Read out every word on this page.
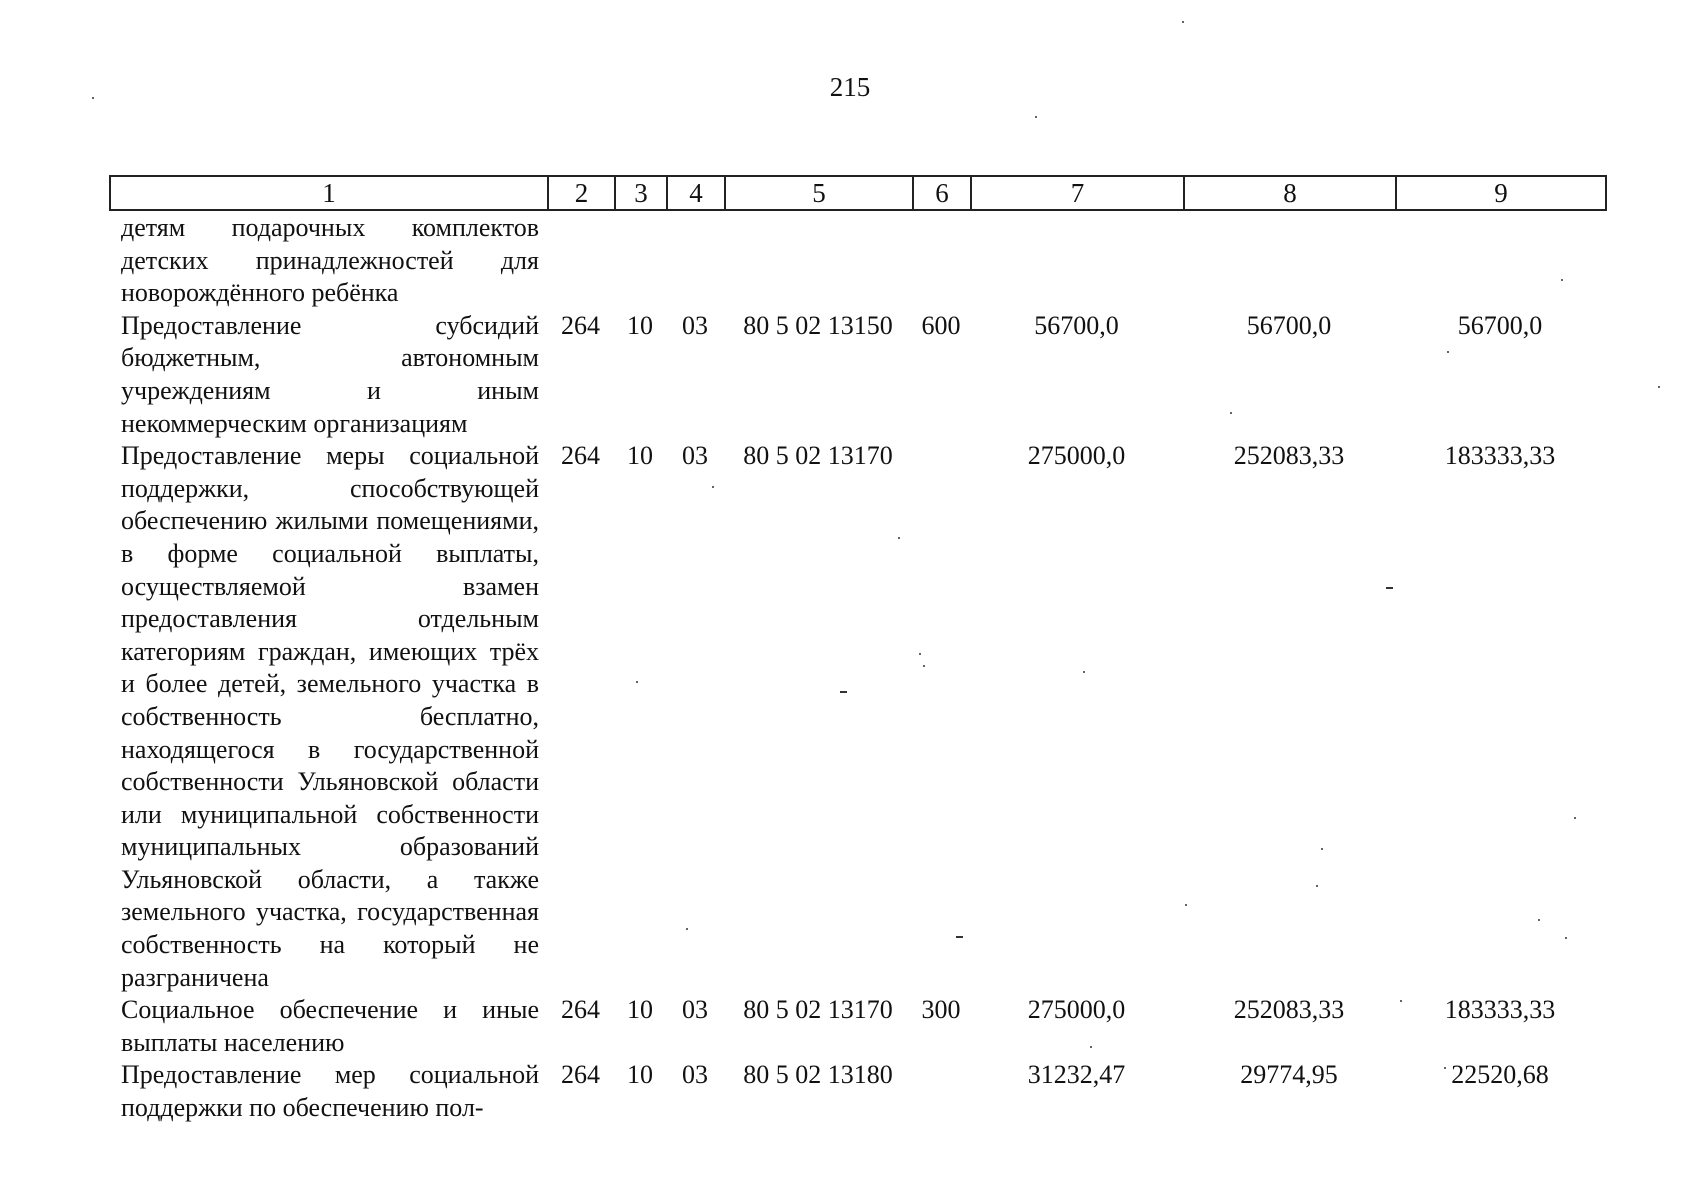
215
1	2	3	4	5	6	7	8	9
детям подарочных комплектов детских принадлежностей для новорождённого ребёнка								
Предоставление субсидий бюджетным, автономным учреждениям и иным некоммерческим организациям	264	10	03	80 5 02 13150	600	56700,0	56700,0	56700,0
Предоставление меры социальной поддержки, способствующей обеспечению жилыми помещениями, в форме социальной выплаты, осуществляемой взамен предоставления отдельным категориям граждан, имеющих трёх и более детей, земельного участка в собственность бесплатно, находящегося в государственной собственности Ульяновской области или муниципальной собственности муниципальных образований Ульяновской области, а также земельного участка, государственная собственность на который не разграничена	264	10	03	80 5 02 13170		275000,0	252083,33	183333,33
Социальное обеспечение и иные выплаты населению	264	10	03	80 5 02 13170	300	275000,0	252083,33	183333,33
Предоставление мер социальной поддержки по обеспечению пол-	264	10	03	80 5 02 13180		31232,47	29774,95	22520,68
